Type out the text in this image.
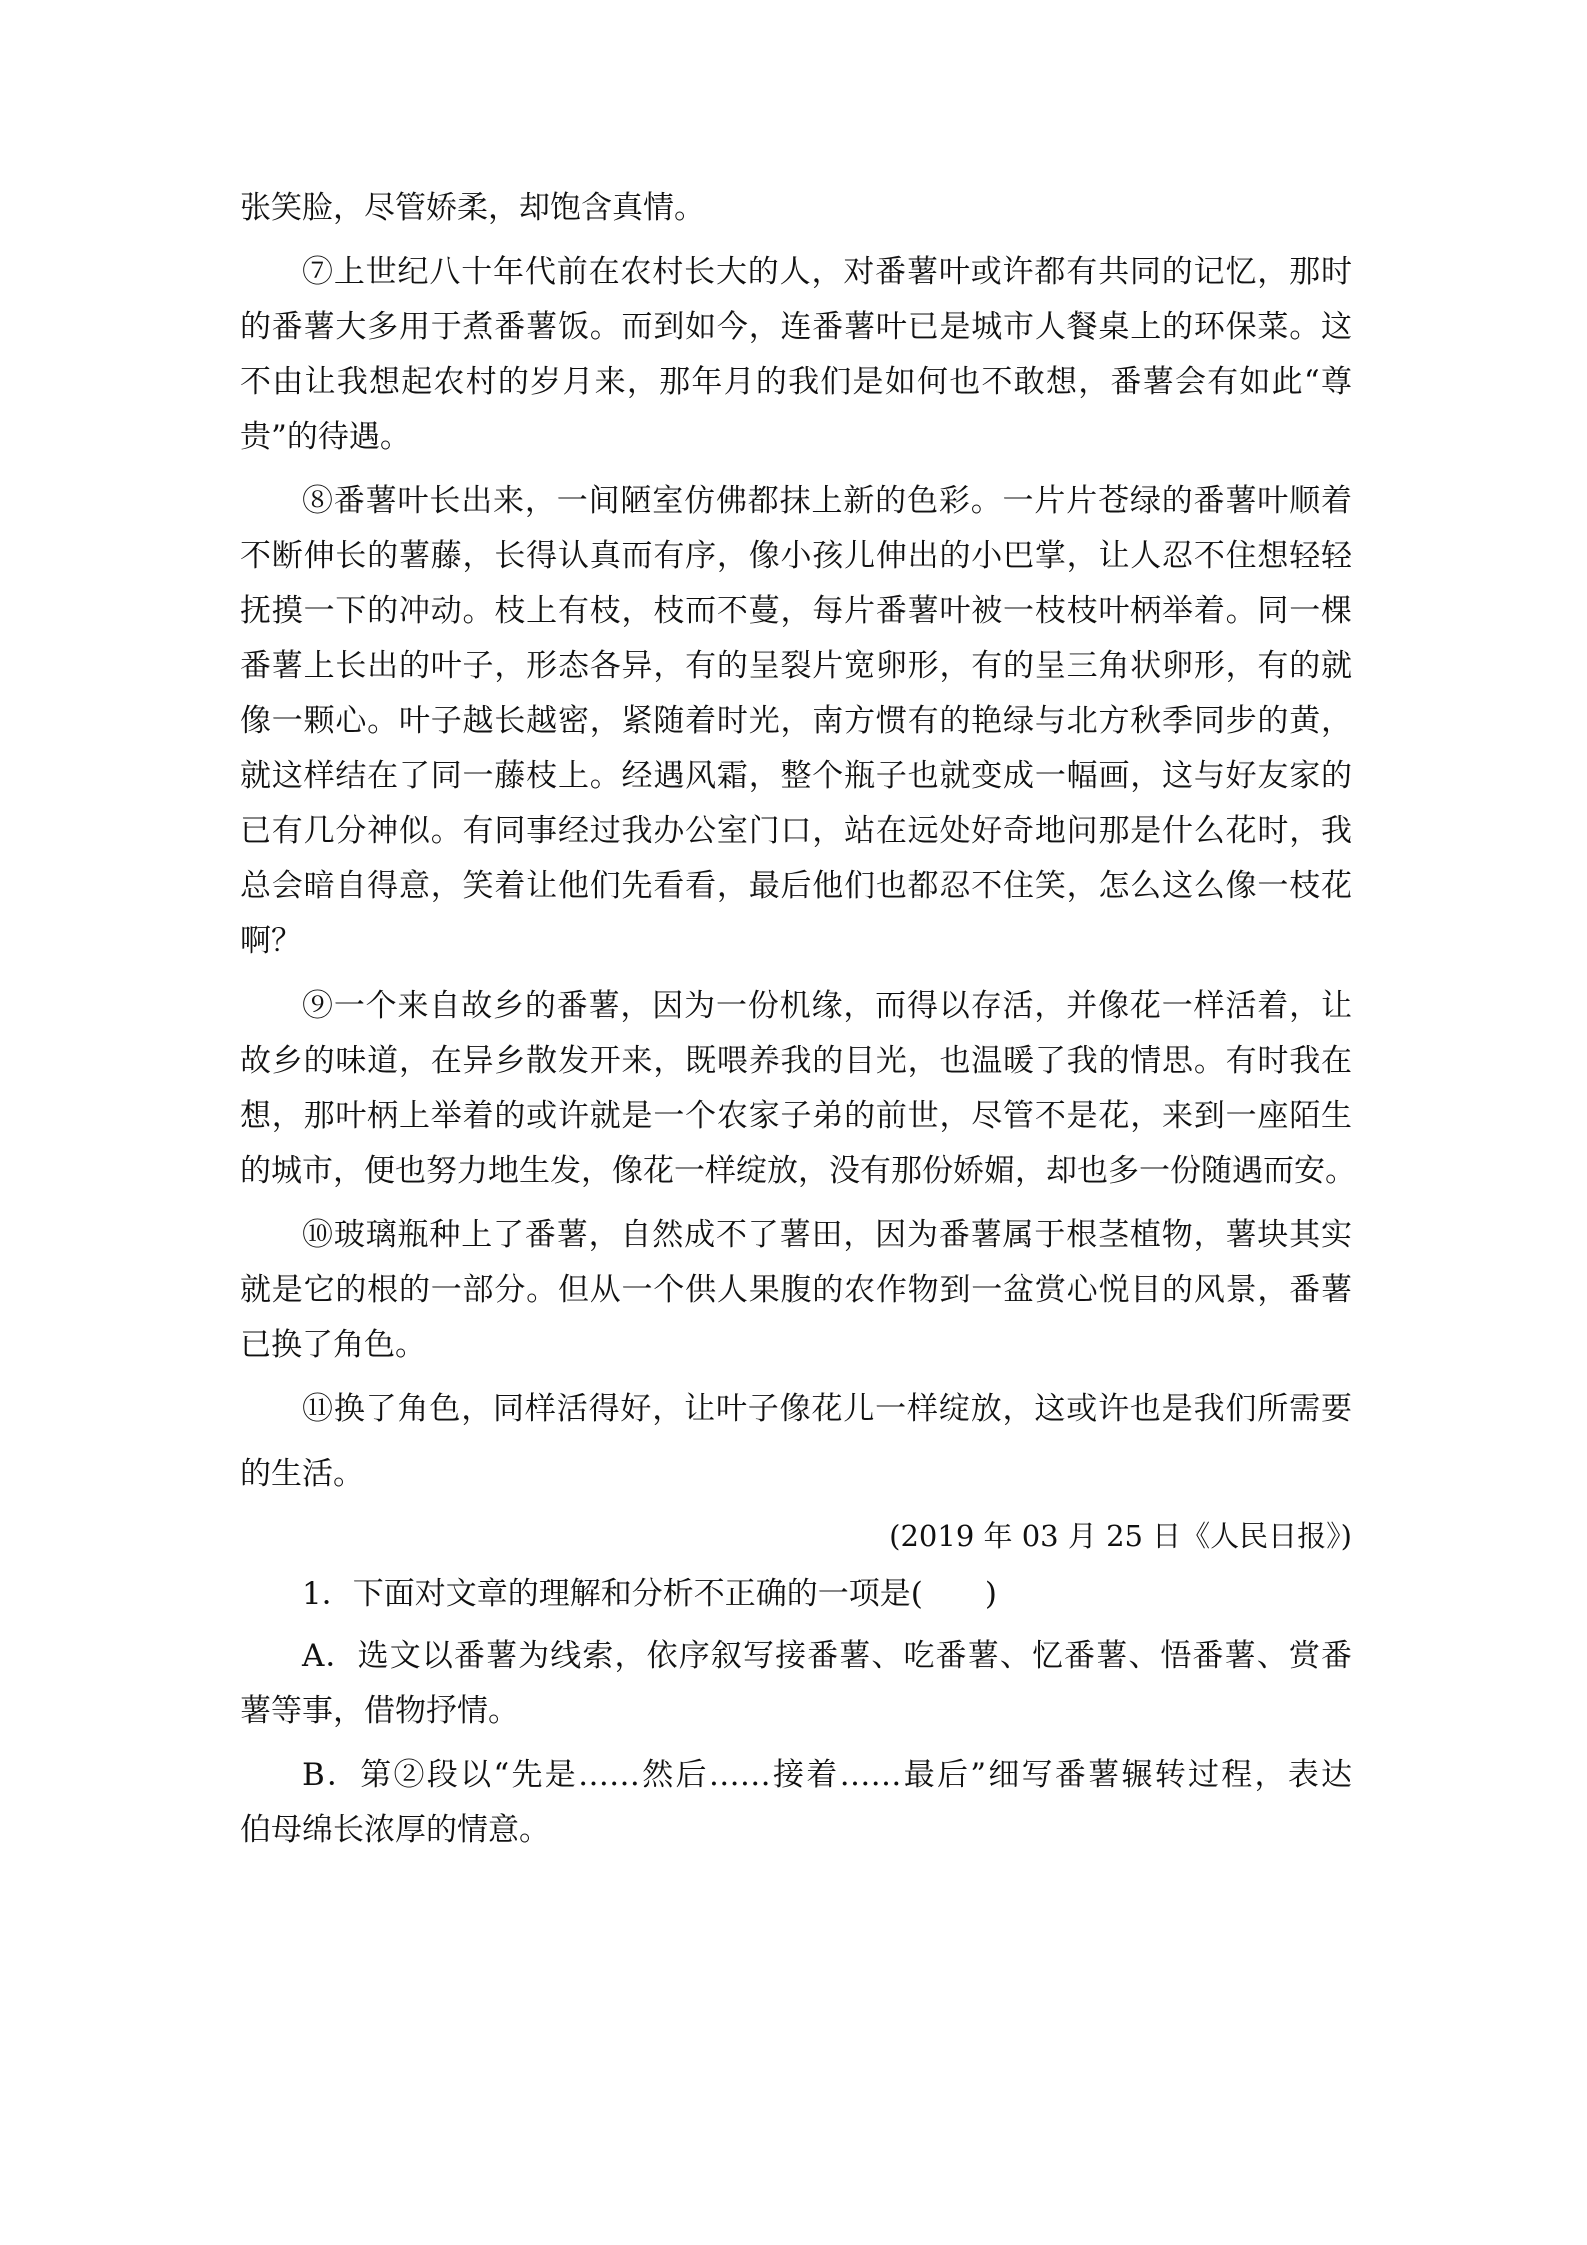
张笑脸，尽管娇柔，却饱含真情。
⑦上世纪八十年代前在农村长大的人，对番薯叶或许都有共同的记忆，那时
的番薯大多用于煮番薯饭。而到如今，连番薯叶已是城市人餐桌上的环保菜。这
不由让我想起农村的岁月来，那年月的我们是如何也不敢想，番薯会有如此“尊
贵”的待遇。
⑧番薯叶长出来，一间陋室仿佛都抹上新的色彩。一片片苍绿的番薯叶顺着
不断伸长的薯藤，长得认真而有序，像小孩儿伸出的小巴掌，让人忍不住想轻轻
抚摸一下的冲动。枝上有枝，枝而不蔓，每片番薯叶被一枝枝叶柄举着。同一棵
番薯上长出的叶子，形态各异，有的呈裂片宽卵形，有的呈三角状卵形，有的就
像一颗心。叶子越长越密，紧随着时光，南方惯有的艳绿与北方秋季同步的黄，
就这样结在了同一藤枝上。经遇风霜，整个瓶子也就变成一幅画，这与好友家的
已有几分神似。有同事经过我办公室门口，站在远处好奇地问那是什么花时，我
总会暗自得意，笑着让他们先看看，最后他们也都忍不住笑，怎么这么像一枝花
啊？
⑨一个来自故乡的番薯，因为一份机缘，而得以存活，并像花一样活着，让
故乡的味道，在异乡散发开来，既喂养我的目光，也温暖了我的情思。有时我在
想，那叶柄上举着的或许就是一个农家子弟的前世，尽管不是花，来到一座陌生
的城市，便也努力地生发，像花一样绽放，没有那份娇媚，却也多一份随遇而安。
⑩玻璃瓶种上了番薯，自然成不了薯田，因为番薯属于根茎植物，薯块其实
就是它的根的一部分。但从一个供人果腹的农作物到一盆赏心悦目的风景，番薯
已换了角色。
⑪换了角色，同样活得好，让叶子像花儿一样绽放，这或许也是我们所需要
的生活。
(2019 年 03 月 25 日《人民日报》)
1．下面对文章的理解和分析不正确的一项是(　　)
A．选文以番薯为线索，依序叙写接番薯、吃番薯、忆番薯、悟番薯、赏番
薯等事，借物抒情。
B．第②段以“先是……然后……接着……最后”细写番薯辗转过程，表达
伯母绵长浓厚的情意。
